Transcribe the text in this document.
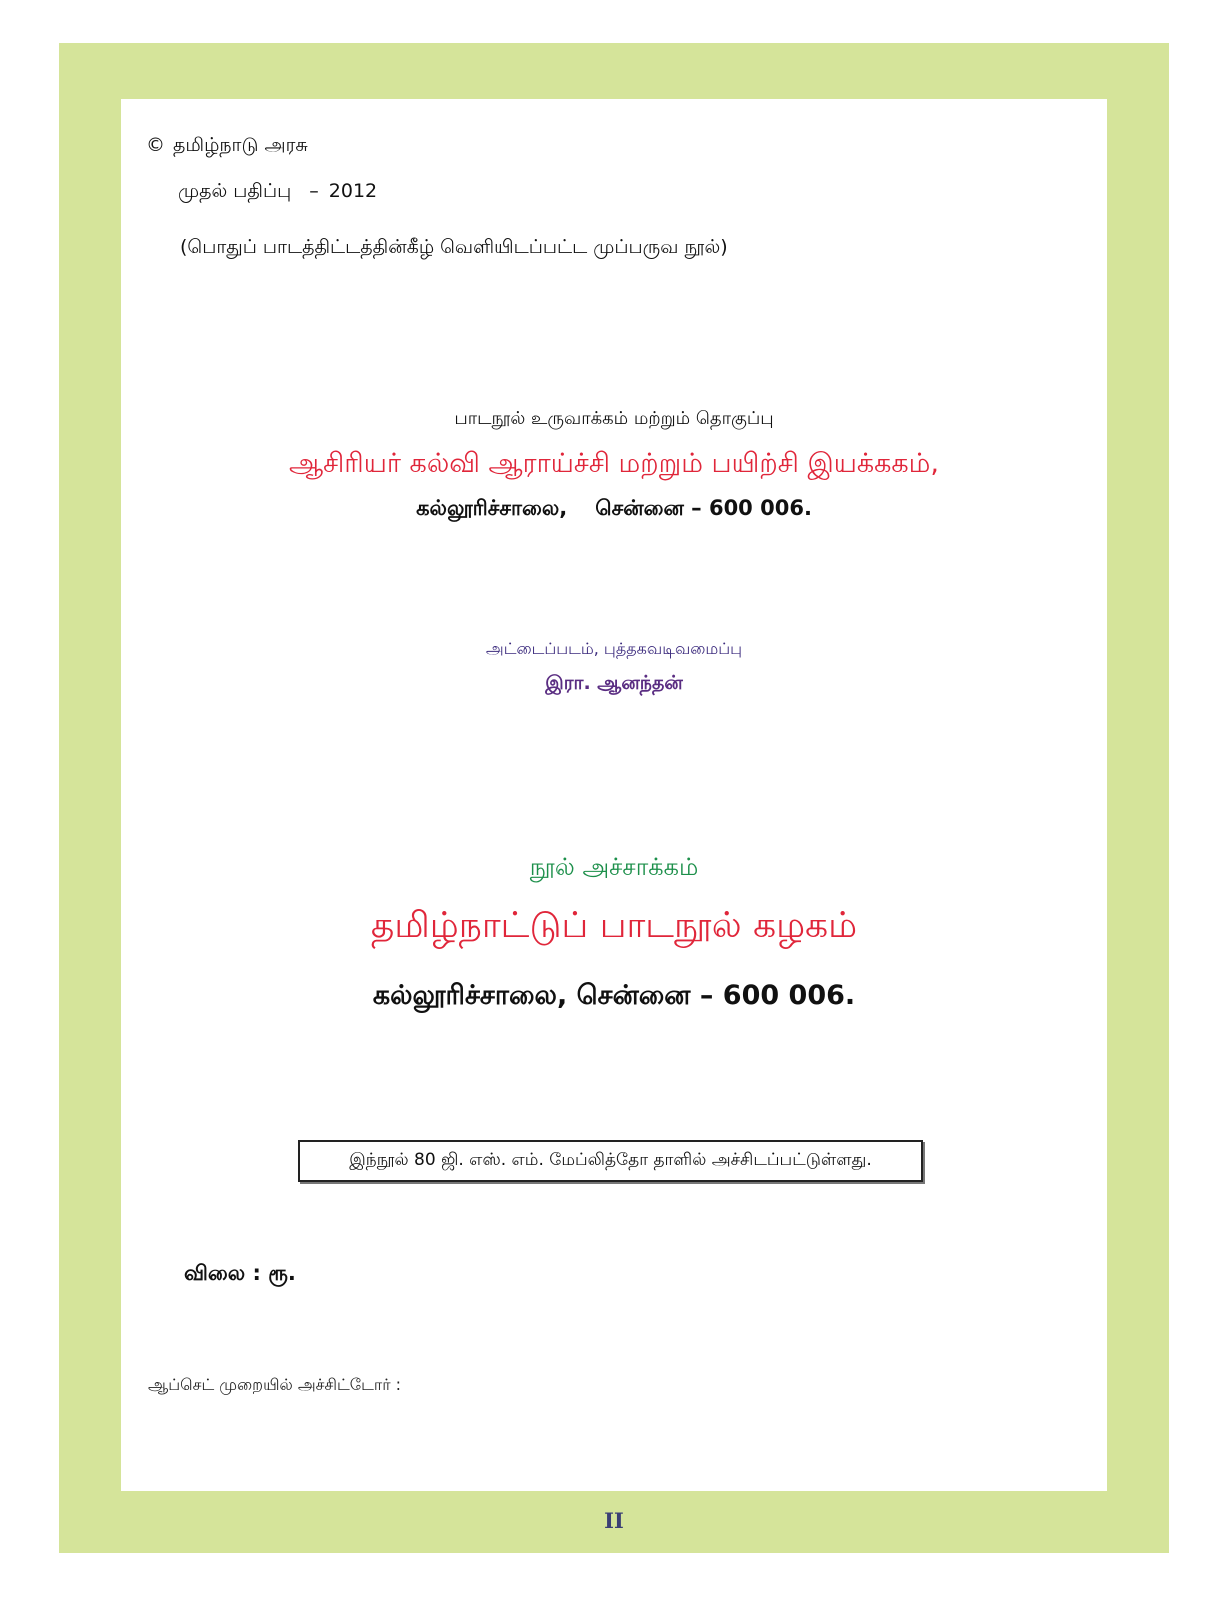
© தமிழ்நாடு அரசு
முதல் பதிப்பு – 2012
(பொதுப் பாடத்திட்டத்தின்கீழ் வெளியிடப்பட்ட முப்பருவ நூல்)
பாடநூல் உருவாக்கம் மற்றும் தொகுப்பு
ஆசிரியர் கல்வி ஆராய்ச்சி மற்றும் பயிற்சி இயக்ககம்,
கல்லூரிச்சாலை, சென்னை – 600 006.
அட்டைப்படம், புத்தகவடிவமைப்பு
இரா. ஆனந்தன்
நூல் அச்சாக்கம்
தமிழ்நாட்டுப் பாடநூல் கழகம்
கல்லூரிச்சாலை, சென்னை – 600 006.
இந்நூல் 80 ஜி. எஸ். எம். மேப்லித்தோ தாளில் அச்சிடப்பட்டுள்ளது.
விலை : ரூ.
ஆப்செட் முறையில் அச்சிட்டோர் :
II
